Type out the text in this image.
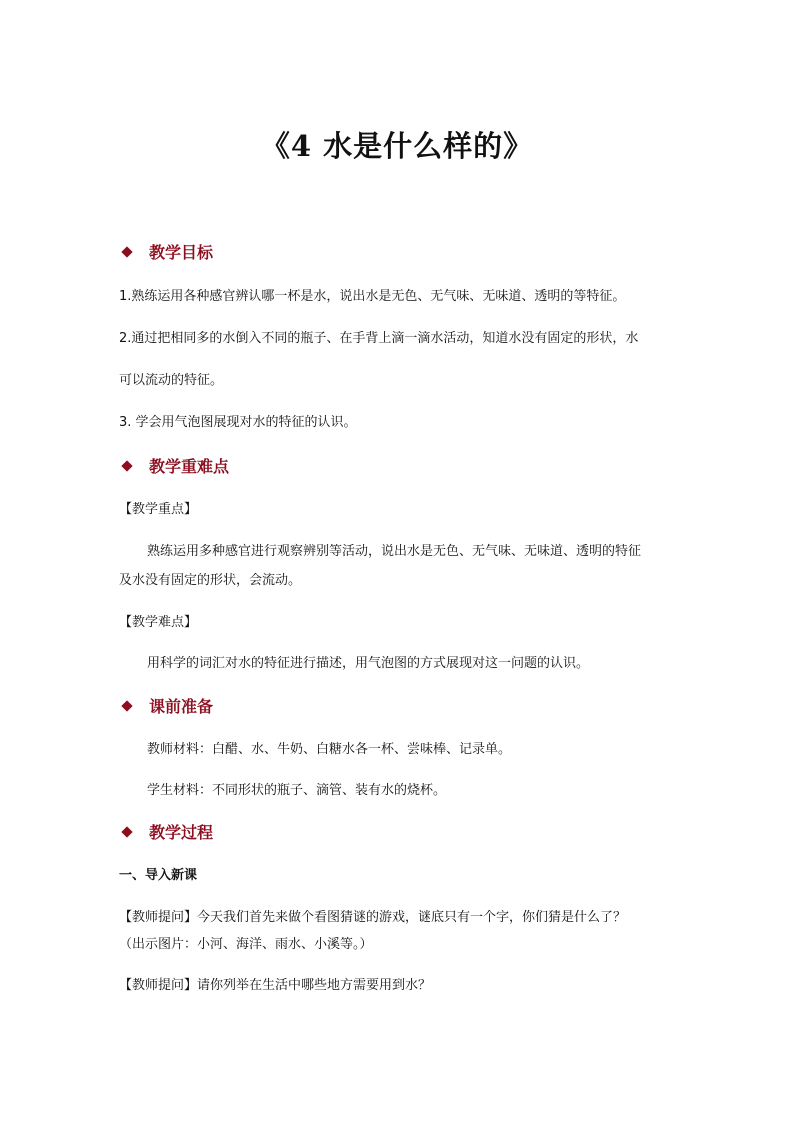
《4 水是什么样的》
教学目标
1.熟练运用各种感官辨认哪一杯是水，说出水是无色、无气味、无味道、透明的等特征。
2.通过把相同多的水倒入不同的瓶子、在手背上滴一滴水活动，知道水没有固定的形状，水
可以流动的特征。
3. 学会用气泡图展现对水的特征的认识。
教学重难点
【教学重点】
熟练运用多种感官进行观察辨别等活动，说出水是无色、无气味、无味道、透明的特征
及水没有固定的形状，会流动。
【教学难点】
用科学的词汇对水的特征进行描述，用气泡图的方式展现对这一问题的认识。
课前准备
教师材料：白醋、水、牛奶、白糖水各一杯、尝味棒、记录单。
学生材料：不同形状的瓶子、滴管、装有水的烧杯。
教学过程
一、导入新课
【教师提问】今天我们首先来做个看图猜谜的游戏，谜底只有一个字，你们猜是什么了？
（出示图片：小河、海洋、雨水、小溪等。）
【教师提问】请你列举在生活中哪些地方需要用到水？
